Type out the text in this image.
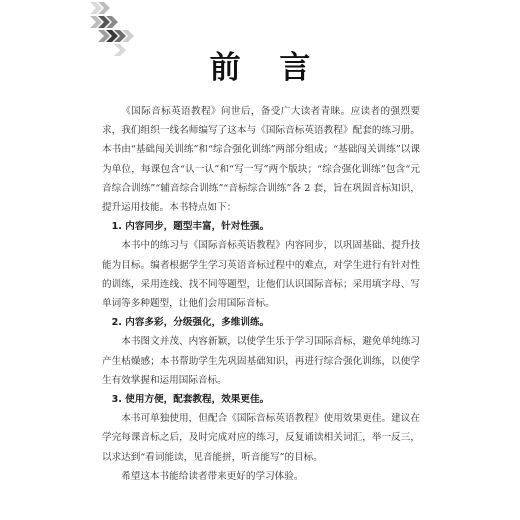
前 言

《国际音标英语教程》问世后，备受广大读者青睐。应读者的强烈要求，我们组织一线名师编写了这本与《国际音标英语教程》配套的练习册。本书由“基础闯关训练”和“综合强化训练”两部分组成；“基础闯关训练”以课为单位，每课包含“认一认”和“写一写”两个版块；“综合强化训练”包含“元音综合训练”“辅音综合训练”“音标综合训练”各 2 套，旨在巩固音标知识，提升运用技能。本书特点如下：

1. 内容同步，题型丰富，针对性强。

本书中的练习与《国际音标英语教程》内容同步，以巩固基础、提升技能为目标。编者根据学生学习英语音标过程中的难点，对学生进行有针对性的训练，采用连线、找不同等题型，让他们认识国际音标；采用填字母、写单词等多种题型，让他们会用国际音标。

2. 内容多彩，分级强化，多维训练。

本书图文并茂、内容新颖，以使学生乐于学习国际音标，避免单纯练习产生枯燥感；本书帮助学生先巩固基础知识，再进行综合强化训练，以使学生有效掌握和运用国际音标。

3. 使用方便，配套教程，效果更佳。

本书可单独使用，但配合《国际音标英语教程》使用效果更佳。建议在学完每课音标之后，及时完成对应的练习，反复诵读相关词汇，举一反三，以求达到“看词能读，见音能拼，听音能写”的目标。

希望这本书能给读者带来更好的学习体验。
